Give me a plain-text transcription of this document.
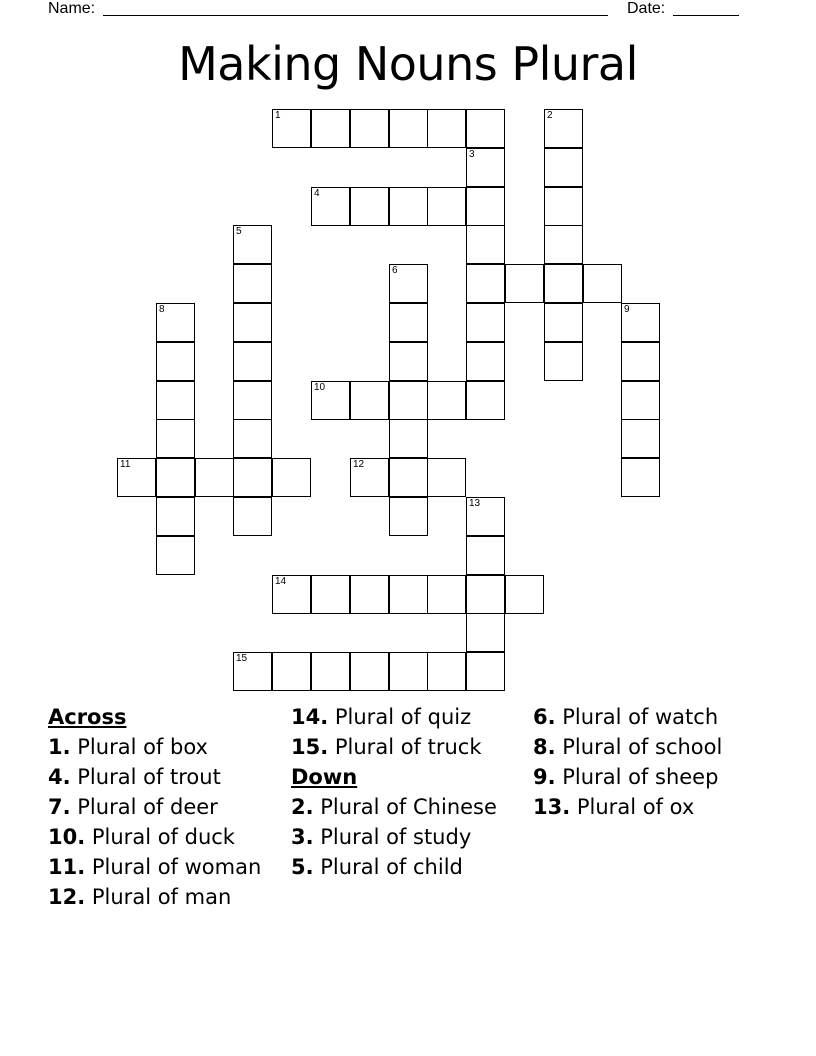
Name:	Date:
Making Nouns Plural
1	2
3
4
5
6
8	9
10
11	12
13
14
15
Across
1. Plural of box
4. Plural of trout
7. Plural of deer
10. Plural of duck
11. Plural of woman
12. Plural of man
14. Plural of quiz
15. Plural of truck
Down
2. Plural of Chinese
3. Plural of study
5. Plural of child
6. Plural of watch
8. Plural of school
9. Plural of sheep
13. Plural of ox
